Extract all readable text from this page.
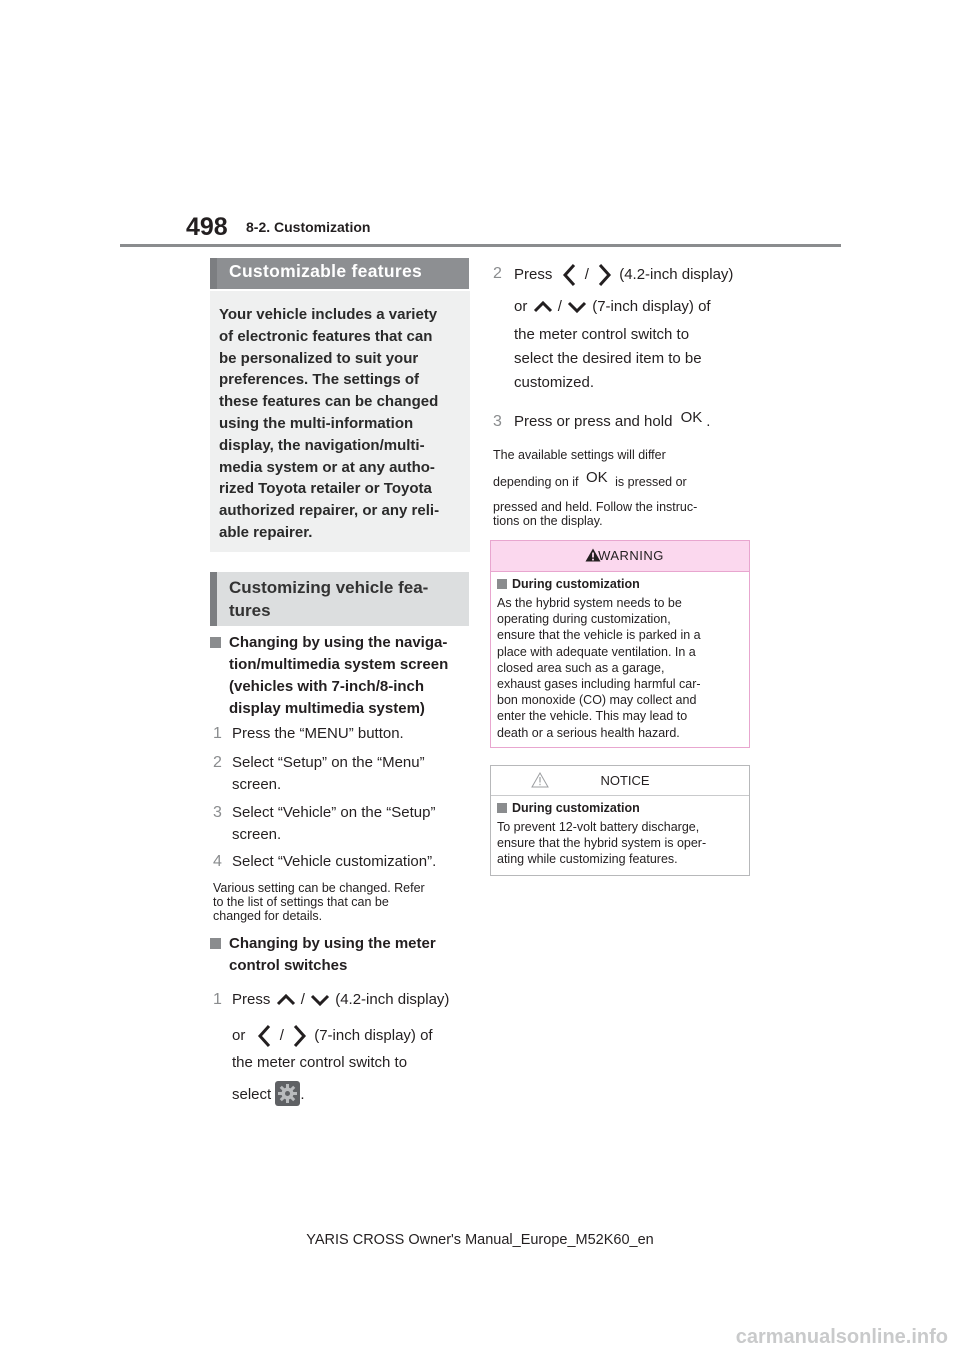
498 8-2. Customization
Customizable features

Your vehicle includes a variety

of electronic features that can

be personalized to suit your

preferences. The settings of

these features can be changed

using the multi-information

display, the navigation/multi-

media system or at any autho-

rized Toyota retailer or Toyota

authorized repairer, or any reli-

able repairer.

Customizing vehicle fea-
tures
Changing by using the naviga-
tion/multimedia system screen
(vehicles with 7-inch/8-inch
display multimedia system)
1 Press the “MENU” button.
2 Select “Setup” on the “Menu”
screen.
3 Select “Vehicle” on the “Setup”
screen.
4 Select “Vehicle customization”.
Various setting can be changed. Refer
to the list of settings that can be
changed for details.
Changing by using the meter
control switches
1 Press / (4.2-inch display)
or / (7-inch display) of
the meter control switch to
select .
2 Press / (4.2-inch display)
or / (7-inch display) of
the meter control switch to
select the desired item to be
customized.
3 Press or press and hold OK .
The available settings will differ
depending on if OK is pressed or
pressed and held. Follow the instruc-
tions on the display.
WARNING
During customization
As the hybrid system needs to be
operating during customization,
ensure that the vehicle is parked in a
place with adequate ventilation. In a
closed area such as a garage,
exhaust gases including harmful car-
bon monoxide (CO) may collect and
enter the vehicle. This may lead to
death or a serious health hazard.
NOTICE
During customization
To prevent 12-volt battery discharge,
ensure that the hybrid system is oper-
ating while customizing features.
YARIS CROSS Owner's Manual_Europe_M52K60_en
carmanualsonline.info
